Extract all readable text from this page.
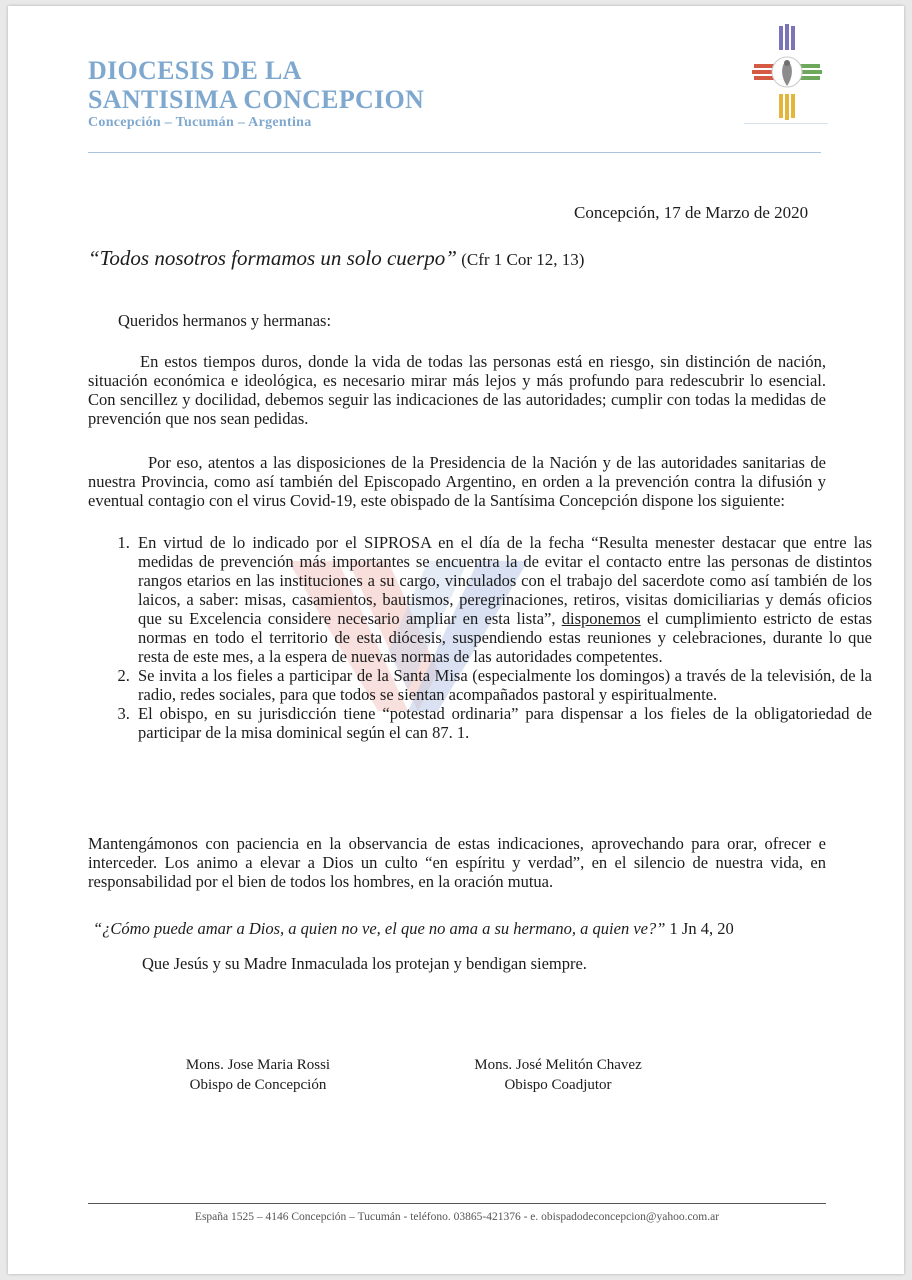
DIOCESIS DE LA
SANTISIMA CONCEPCION
Concepción – Tucumán – Argentina
Concepción, 17 de Marzo de 2020
“Todos nosotros formamos un solo cuerpo” (Cfr 1 Cor 12, 13)
Queridos hermanos y hermanas:
En estos tiempos duros, donde la vida de todas las personas está en riesgo, sin distinción de nación, situación económica e ideológica, es necesario mirar más lejos y más profundo para redescubrir lo esencial. Con sencillez y docilidad, debemos seguir las indicaciones de las autoridades; cumplir con todas la medidas de prevención que nos sean pedidas.
Por eso, atentos a las disposiciones de la Presidencia de la Nación y de las autoridades sanitarias de nuestra Provincia, como así también del Episcopado Argentino, en orden a la prevención contra la difusión y eventual contagio con el virus Covid-19, este obispado de la Santísima Concepción dispone los siguiente:
1. En virtud de lo indicado por el SIPROSA en el día de la fecha “Resulta menester destacar que entre las medidas de prevención más importantes se encuentra la de evitar el contacto entre las personas de distintos rangos etarios en las instituciones a su cargo, vinculados con el trabajo del sacerdote como así también de los laicos, a saber: misas, casamientos, bautismos, peregrinaciones, retiros, visitas domiciliarias y demás oficios que su Excelencia considere necesario ampliar en esta lista”, disponemos el cumplimiento estricto de estas normas en todo el territorio de esta diócesis, suspendiendo estas reuniones y celebraciones, durante lo que resta de este mes, a la espera de nuevas normas de las autoridades competentes.
2. Se invita a los fieles a participar de la Santa Misa (especialmente los domingos) a través de la televisión, de la radio, redes sociales, para que todos se sientan acompañados pastoral y espiritualmente.
3. El obispo, en su jurisdicción tiene “potestad ordinaria” para dispensar a los fieles de la obligatoriedad de participar de la misa dominical según el can 87. 1.
Mantengámonos con paciencia en la observancia de estas indicaciones, aprovechando para orar, ofrecer e interceder. Los animo a elevar a Dios un culto “en espíritu y verdad”, en el silencio de nuestra vida, en responsabilidad por el bien de todos los hombres, en la oración mutua.
“¿Cómo puede amar a Dios, a quien no ve, el que no ama a su hermano, a quien ve?” 1 Jn 4, 20
Que Jesús y su Madre Inmaculada los protejan y bendigan siempre.
Mons. Jose Maria Rossi
Obispo de Concepción
Mons. José Melitón Chavez
Obispo Coadjutor
España 1525 – 4146 Concepción – Tucumán - teléfono. 03865-421376 - e. obispadodeconcepcion@yahoo.com.ar
